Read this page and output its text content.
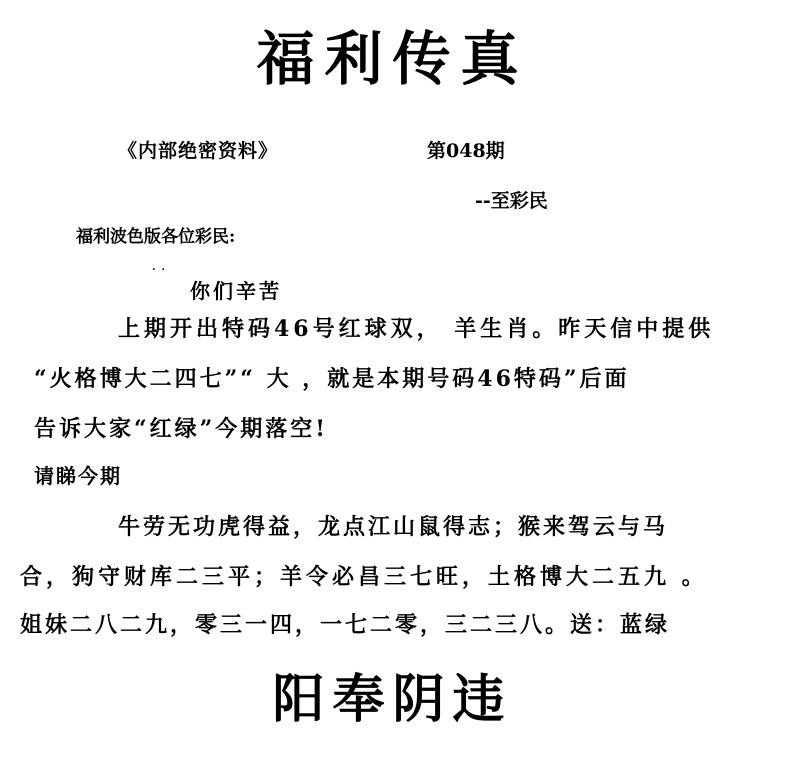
福利传真
《内部绝密资料》	第048期
--至彩民
福利波色版各位彩民:
..
你们辛苦
上期开出特码46号红球双， 羊生肖。昨天信中提供
“火格博大二四七”“ 大 ，就是本期号码46特码”后面
告诉大家“红绿”今期落空!
请睇今期
牛劳无功虎得益，龙点江山鼠得志；猴来驾云与马
合，狗守财库二三平；羊令必昌三七旺，土格博大二五九 。
姐妹二八二九，零三一四，一七二零，三二三八。送：蓝绿
阳奉阴违
